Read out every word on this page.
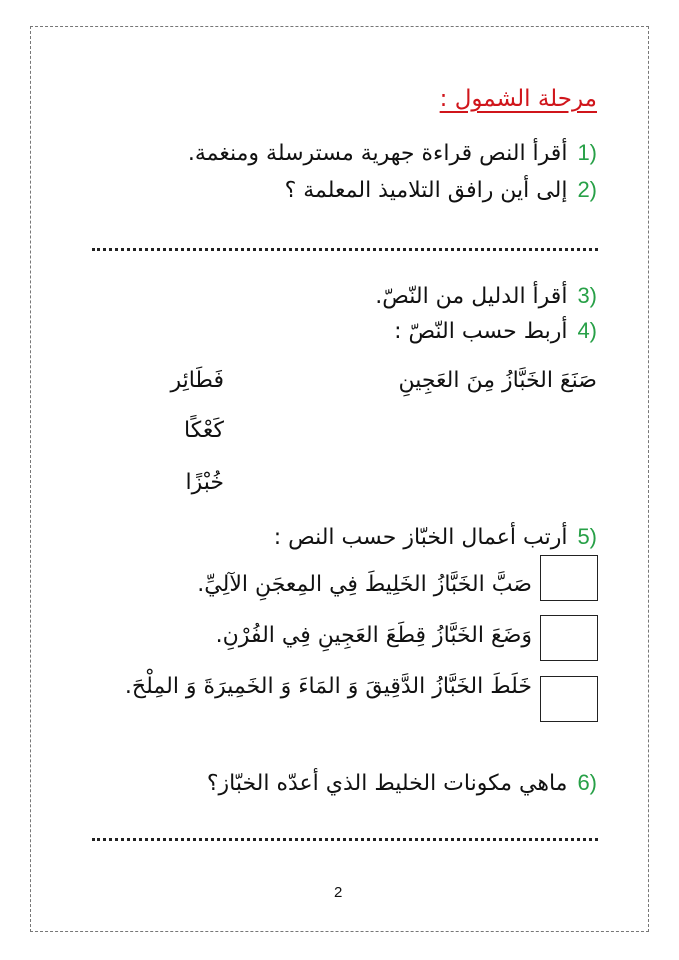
مرحلة الشمول :
1)
أقرأ النص قراءة جهرية مسترسلة ومنغمة.
2)
إلى أين رافق التلاميذ المعلمة ؟
3)
أقرأ الدليل من النّصّ.
4)
أربط حسب النّصّ :
صَنَعَ الخَبَّازُ مِنَ العَجِينِ
فَطَائِر
كَعْكًا
خُبْزًا
5)
أرتب أعمال الخبّاز حسب النص :
صَبَّ الخَبَّازُ الخَلِيطَ فِي المِعجَنِ الآلِيِّ.
وَضَعَ الخَبَّازُ قِطَعَ العَجِينِ فِي الفُرْنِ.
خَلَطَ الخَبَّازُ الدَّقِيقَ وَ المَاءَ وَ الخَمِيرَةَ وَ المِلْحَ.
6)
ماهي مكونات الخليط الذي أعدّه الخبّاز؟
2
